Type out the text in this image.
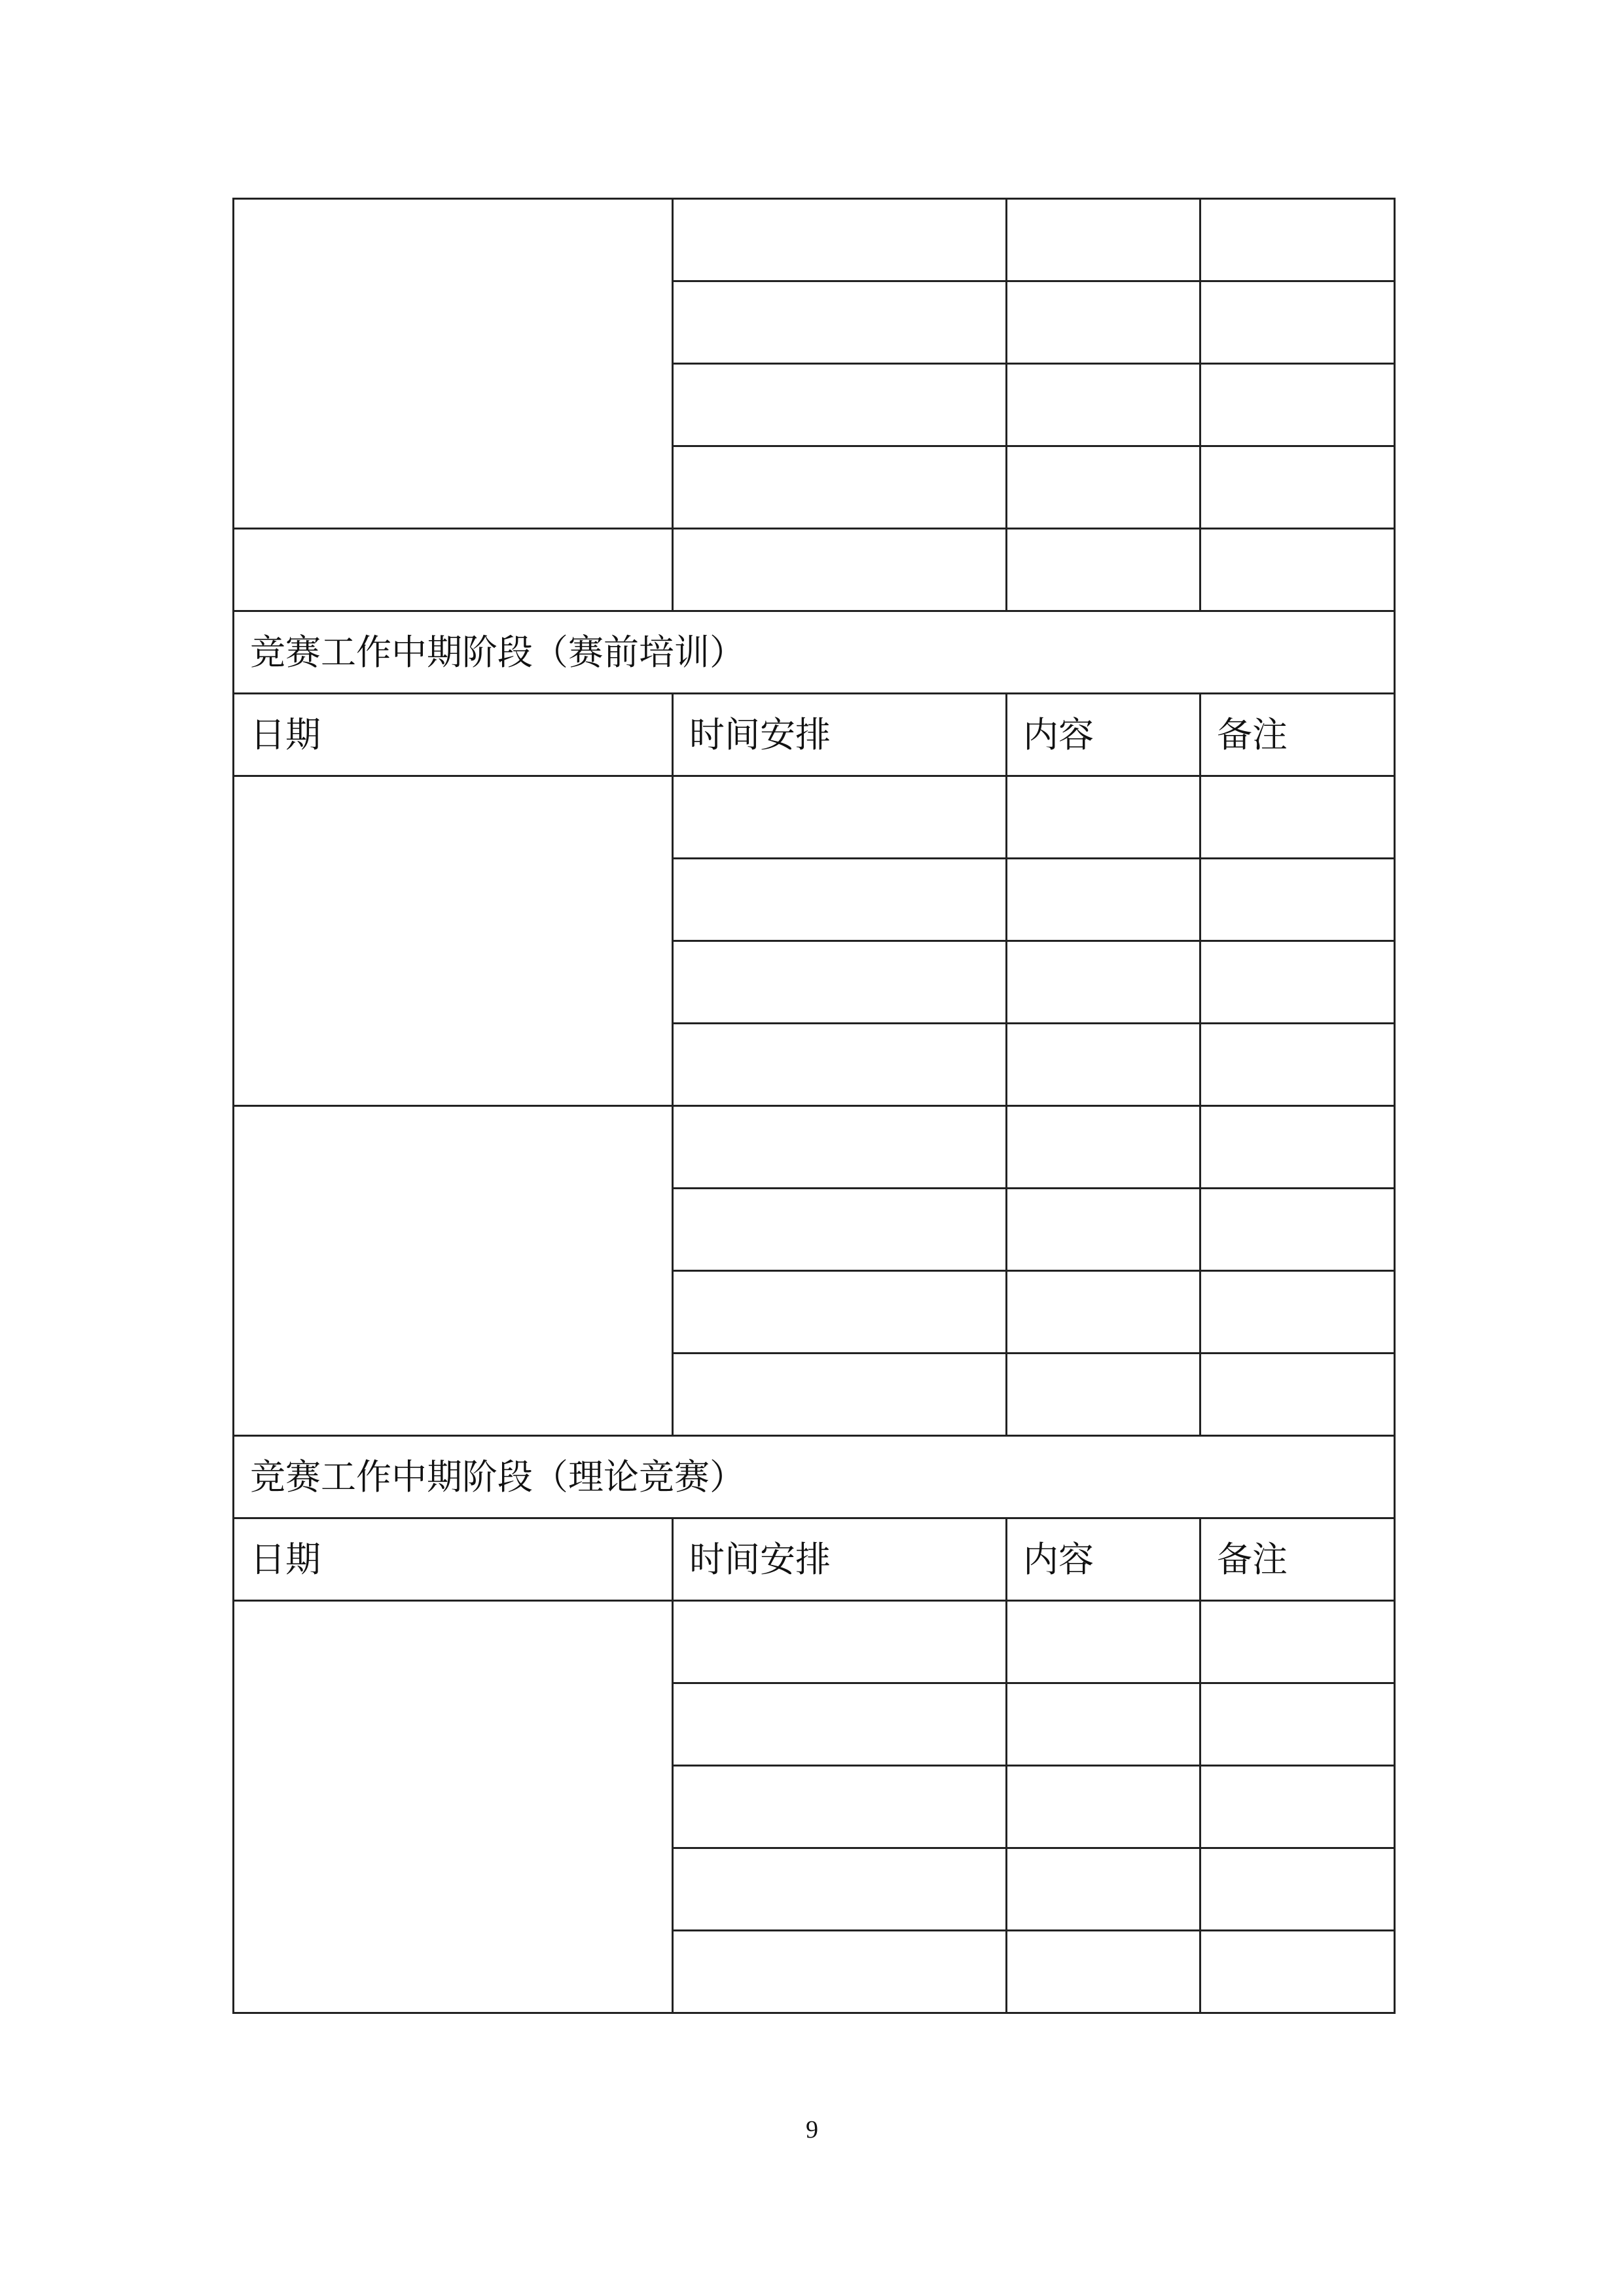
竞赛工作中期阶段（赛前培训）			
日期	时间安排	内容	备注

竞赛工作中期阶段（理论竞赛）			
日期	时间安排	内容	备注

9
